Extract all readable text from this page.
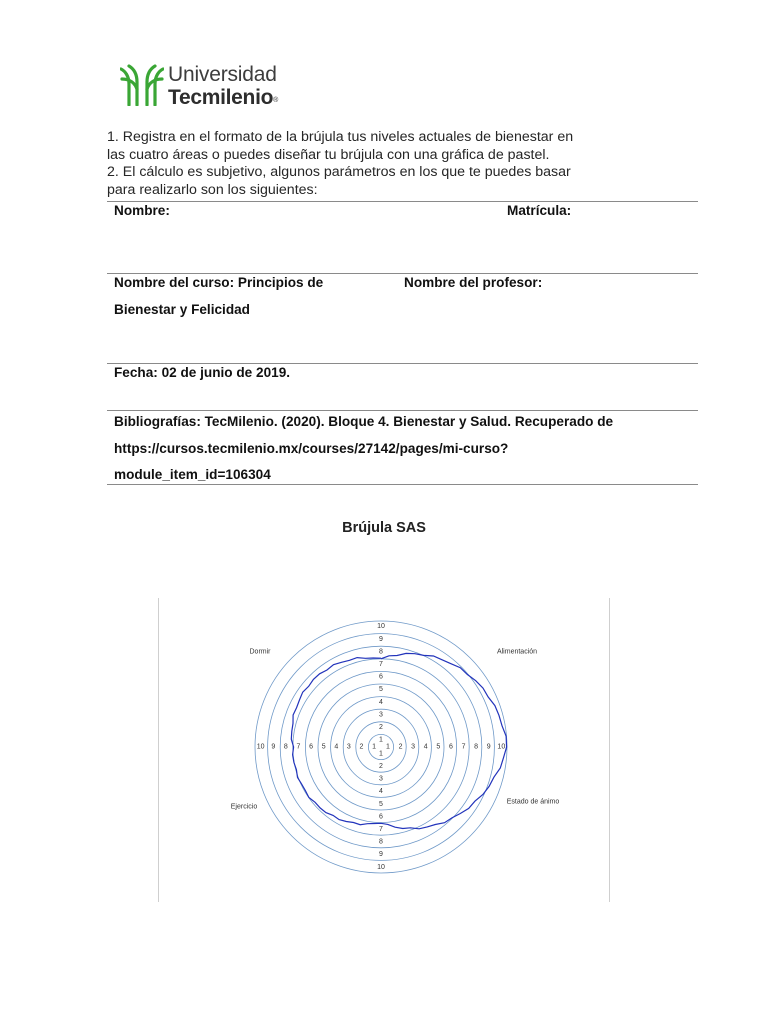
Universidad
Tecmilenio®

1. Registra en el formato de la brújula tus niveles actuales de bienestar en

las cuatro áreas o puedes diseñar tu brújula con una gráfica de pastel.

2. El cálculo es subjetivo, algunos parámetros en los que te puedes basar

para realizarlo son los siguientes:

Nombre:	Matrícula:
Nombre del curso: Principios de
Bienestar y Felicidad
Nombre del profesor:
Fecha: 02 de junio de 2019.
Bibliografías: TecMilenio. (2020). Bloque 4. Bienestar y Salud. Recuperado de
https://cursos.tecmilenio.mx/courses/27142/pages/mi-curso?
module_item_id=106304
Brújula SAS
1
1
1 1
2
2
2	2
3
3
3	3
4
4
4	4
5
5
5	5
6
6
6	6
7
7
7	7
8
8
8	8
9
9
9	9
10
10
10	10
Dormir	Alimentación
Estado de ánimo
Ejercicio
